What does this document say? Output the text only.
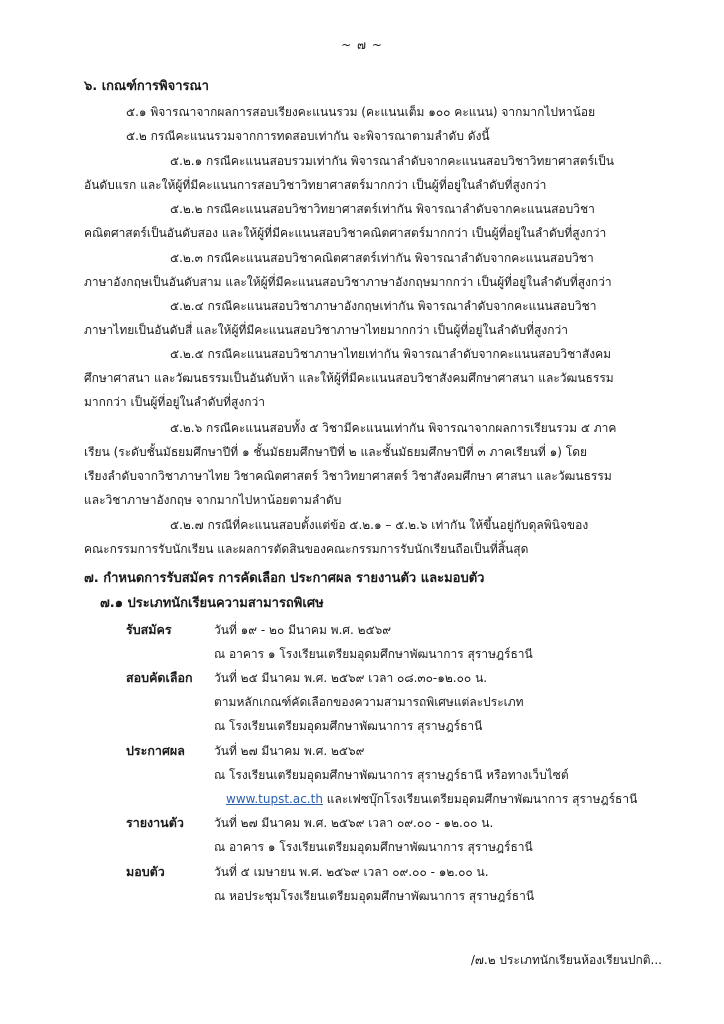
~ ๗ ~
๖. เกณฑ์การพิจารณา
๕.๑ พิจารณาจากผลการสอบเรียงคะแนนรวม (คะแนนเต็ม ๑๐๐ คะแนน) จากมากไปหาน้อย
๕.๒ กรณีคะแนนรวมจากการทดสอบเท่ากัน จะพิจารณาตามลำดับ ดังนี้
๕.๒.๑ กรณีคะแนนสอบรวมเท่ากัน พิจารณาลำดับจากคะแนนสอบวิชาวิทยาศาสตร์เป็น
อันดับแรก และให้ผู้ที่มีคะแนนการสอบวิชาวิทยาศาสตร์มากกว่า เป็นผู้ที่อยู่ในลำดับที่สูงกว่า
๕.๒.๒ กรณีคะแนนสอบวิชาวิทยาศาสตร์เท่ากัน พิจารณาลำดับจากคะแนนสอบวิชา
คณิตศาสตร์เป็นอันดับสอง และให้ผู้ที่มีคะแนนสอบวิชาคณิตศาสตร์มากกว่า เป็นผู้ที่อยู่ในลำดับที่สูงกว่า
๕.๒.๓ กรณีคะแนนสอบวิชาคณิตศาสตร์เท่ากัน พิจารณาลำดับจากคะแนนสอบวิชา
ภาษาอังกฤษเป็นอันดับสาม และให้ผู้ที่มีคะแนนสอบวิชาภาษาอังกฤษมากกว่า เป็นผู้ที่อยู่ในลำดับที่สูงกว่า
๕.๒.๔ กรณีคะแนนสอบวิชาภาษาอังกฤษเท่ากัน พิจารณาลำดับจากคะแนนสอบวิชา
ภาษาไทยเป็นอันดับสี่ และให้ผู้ที่มีคะแนนสอบวิชาภาษาไทยมากกว่า เป็นผู้ที่อยู่ในลำดับที่สูงกว่า
๕.๒.๕ กรณีคะแนนสอบวิชาภาษาไทยเท่ากัน พิจารณาลำดับจากคะแนนสอบวิชาสังคม
ศึกษาศาสนา และวัฒนธรรมเป็นอันดับห้า และให้ผู้ที่มีคะแนนสอบวิชาสังคมศึกษาศาสนา และวัฒนธรรม
มากกว่า เป็นผู้ที่อยู่ในลำดับที่สูงกว่า
๕.๒.๖ กรณีคะแนนสอบทั้ง ๕ วิชามีคะแนนเท่ากัน พิจารณาจากผลการเรียนรวม ๕ ภาค
เรียน (ระดับชั้นมัธยมศึกษาปีที่ ๑ ชั้นมัธยมศึกษาปีที่ ๒ และชั้นมัธยมศึกษาปีที่ ๓ ภาคเรียนที่ ๑) โดย
เรียงลำดับจากวิชาภาษาไทย วิชาคณิตศาสตร์ วิชาวิทยาศาสตร์ วิชาสังคมศึกษา ศาสนา และวัฒนธรรม
และวิชาภาษาอังกฤษ จากมากไปหาน้อยตามลำดับ
๕.๒.๗ กรณีที่คะแนนสอบตั้งแต่ข้อ ๕.๒.๑ – ๕.๒.๖ เท่ากัน ให้ขึ้นอยู่กับดุลพินิจของ
คณะกรรมการรับนักเรียน และผลการตัดสินของคณะกรรมการรับนักเรียนถือเป็นที่สิ้นสุด
๗. กำหนดการรับสมัคร การคัดเลือก ประกาศผล รายงานตัว และมอบตัว
๗.๑ ประเภทนักเรียนความสามารถพิเศษ
รับสมัคร	วันที่ ๑๙ - ๒๐ มีนาคม พ.ศ. ๒๕๖๙
ณ อาคาร ๑ โรงเรียนเตรียมอุดมศึกษาพัฒนาการ สุราษฎร์ธานี
สอบคัดเลือก วันที่ ๒๕ มีนาคม พ.ศ. ๒๕๖๙ เวลา ๐๘.๓๐-๑๒.๐๐ น.
ตามหลักเกณฑ์คัดเลือกของความสามารถพิเศษแต่ละประเภท
ณ โรงเรียนเตรียมอุดมศึกษาพัฒนาการ สุราษฎร์ธานี
ประกาศผล วันที่ ๒๗ มีนาคม พ.ศ. ๒๕๖๙
ณ โรงเรียนเตรียมอุดมศึกษาพัฒนาการ สุราษฎร์ธานี หรือทางเว็บไซต์
www.tupst.ac.th และเฟซบุ๊กโรงเรียนเตรียมอุดมศึกษาพัฒนาการ สุราษฎร์ธานี
รายงานตัว	วันที่ ๒๗ มีนาคม พ.ศ. ๒๕๖๙ เวลา ๐๙.๐๐ - ๑๒.๐๐ น.
ณ อาคาร ๑ โรงเรียนเตรียมอุดมศึกษาพัฒนาการ สุราษฎร์ธานี
มอบตัว	วันที่ ๕ เมษายน พ.ศ. ๒๕๖๙ เวลา ๐๙.๐๐ - ๑๒.๐๐ น.
ณ หอประชุมโรงเรียนเตรียมอุดมศึกษาพัฒนาการ สุราษฎร์ธานี
/๗.๒ ประเภทนักเรียนห้องเรียนปกติ...
